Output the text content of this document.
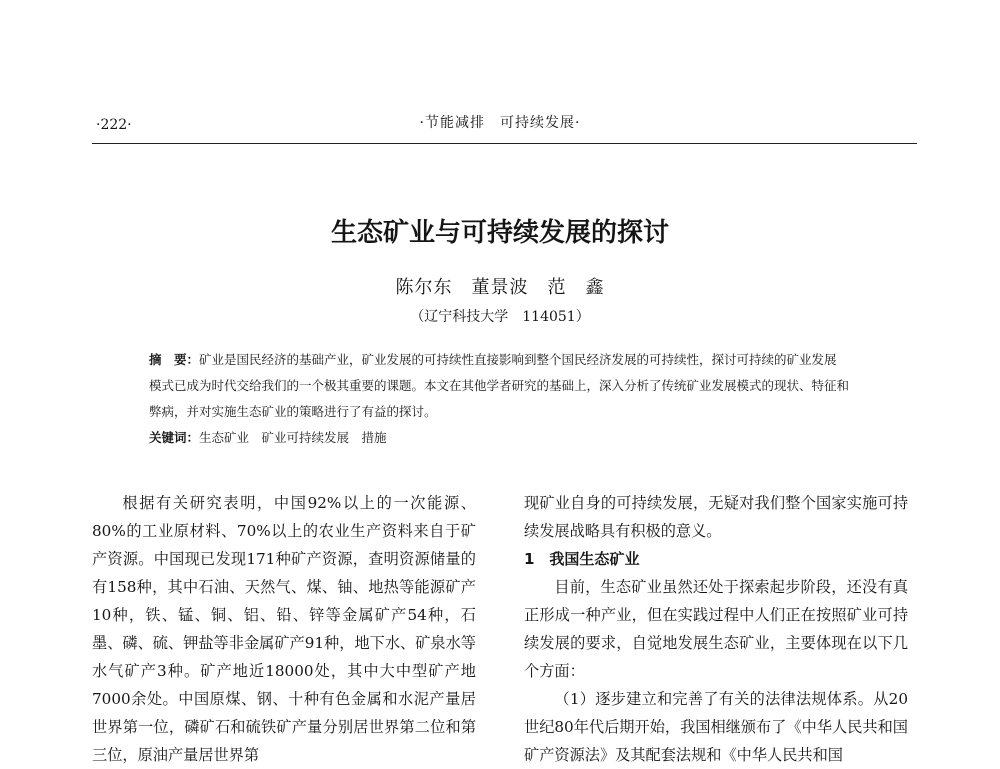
·222·	·节能减排　可持续发展·
生态矿业与可持续发展的探讨
陈尔东　董景波　范　鑫
（辽宁科技大学　114051）

摘　要：矿业是国民经济的基础产业，矿业发展的可持续性直接影响到整个国民经济发展的可持续性，探讨可持续的矿业发展模式已成为时代交给我们的一个极其重要的课题。本文在其他学者研究的基础上，深入分析了传统矿业发展模式的现状、特征和弊病，并对实施生态矿业的策略进行了有益的探讨。

关键词：生态矿业　矿业可持续发展　措施

根据有关研究表明，中国92%以上的一次能源、80%的工业原材料、70%以上的农业生产资料来自于矿产资源。中国现已发现171种矿产资源，查明资源储量的有158种，其中石油、天然气、煤、铀、地热等能源矿产10种，铁、锰、铜、铝、铅、锌等金属矿产54种，石墨、磷、硫、钾盐等非金属矿产91种，地下水、矿泉水等水气矿产3种。矿产地近18000处，其中大中型矿产地7000余处。中国原煤、钢、十种有色金属和水泥产量居世界第一位，磷矿石和硫铁矿产量分别居世界第二位和第三位，原油产量居世界第

现矿业自身的可持续发展，无疑对我们整个国家实施可持续发展战略具有积极的意义。

1　我国生态矿业

目前，生态矿业虽然还处于探索起步阶段，还没有真正形成一种产业，但在实践过程中人们正在按照矿业可持续发展的要求，自觉地发展生态矿业，主要体现在以下几个方面：

（1）逐步建立和完善了有关的法律法规体系。从20世纪80年代后期开始，我国相继颁布了《中华人民共和国矿产资源法》及其配套法规和《中华人民共和国
